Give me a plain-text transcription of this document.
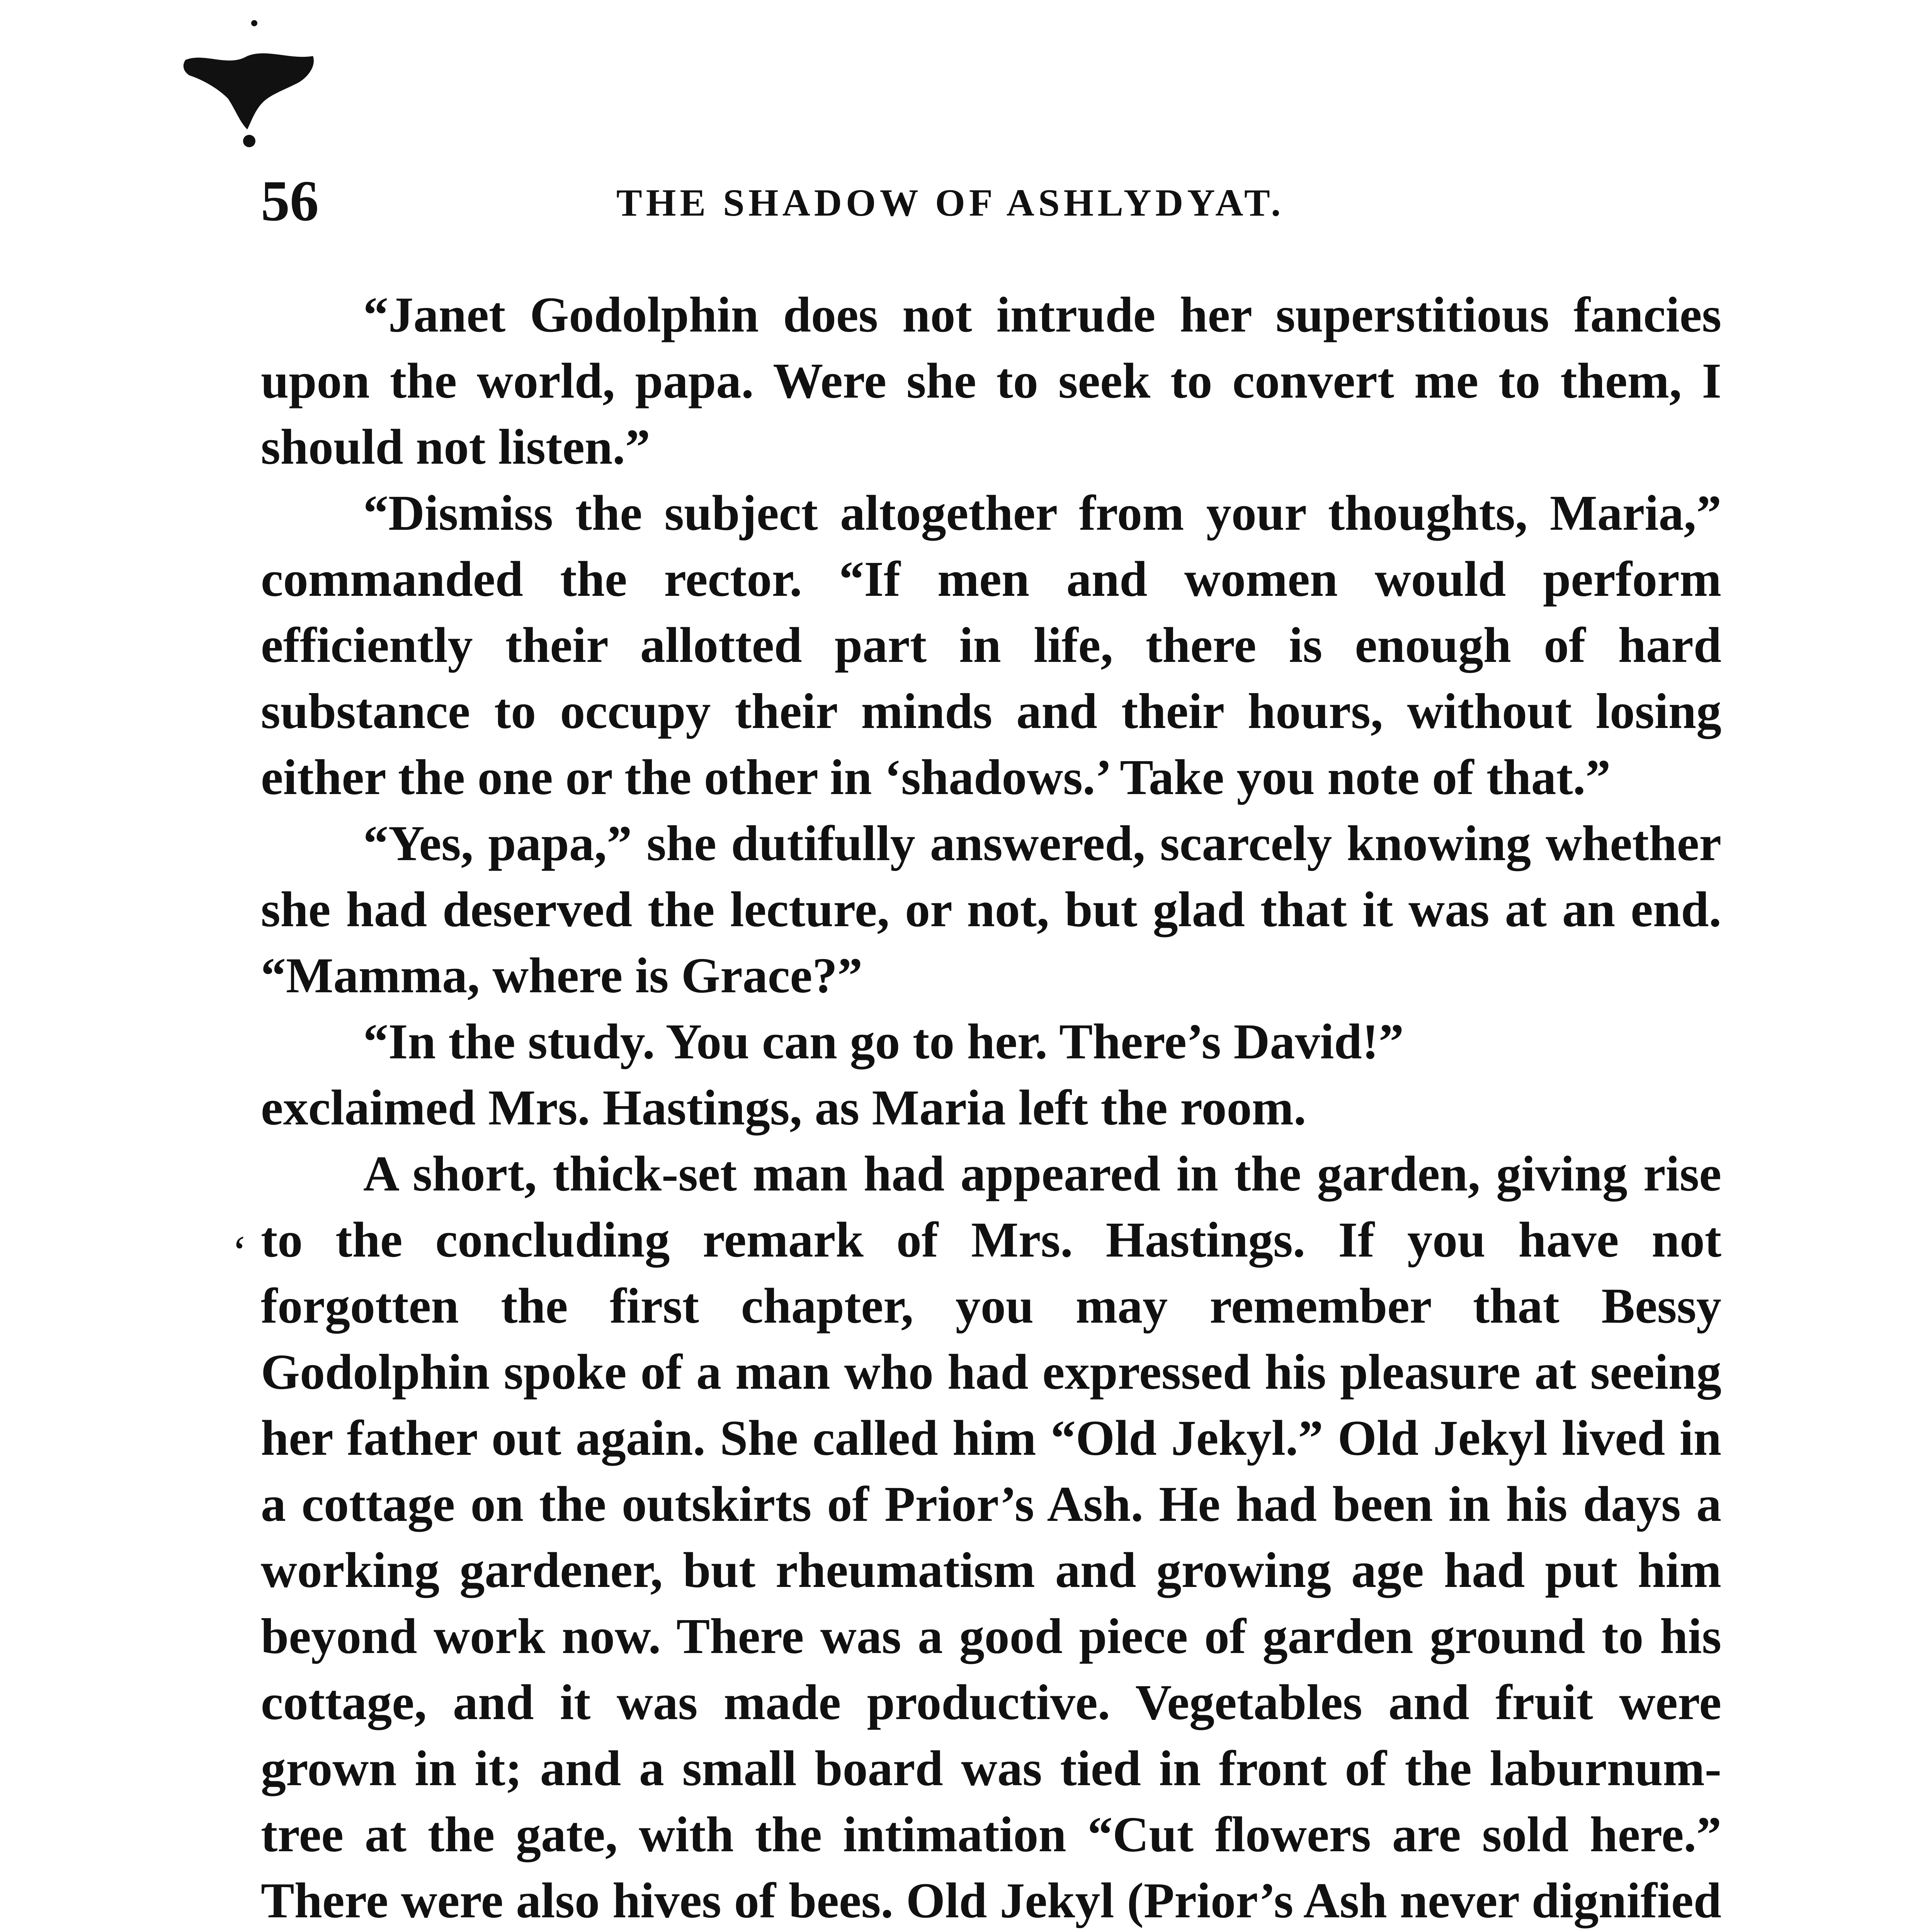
56	THE SHADOW OF ASHLYDYAT.
‘

“Janet Godolphin does not intrude her superstitious fancies upon the world, papa. Were she to seek to convert me to them, I should not listen.”

“Dismiss the subject altogether from your thoughts, Maria,” commanded the rector. “If men and women would perform efficiently their allotted part in life, there is enough of hard substance to occupy their minds and their hours, without losing either the one or the other in ‘shadows.’ Take you note of that.”

“Yes, papa,” she dutifully answered, scarcely knowing whether she had deserved the lecture, or not, but glad that it was at an end. “Mamma, where is Grace?”

“In the study. You can go to her. There’s David!”

exclaimed Mrs. Hastings, as Maria left the room.

A short, thick-set man had appeared in the garden, giving rise to the concluding remark of Mrs. Hastings. If you have not forgotten the first chapter, you may remember that Bessy Godolphin spoke of a man who had expressed his pleasure at seeing her father out again. She called him “Old Jekyl.” Old Jekyl lived in a cottage on the outskirts of Prior’s Ash. He had been in his days a working gardener, but rheumatism and growing age had put him beyond work now. There was a good piece of garden ground to his cottage, and it was made productive. Vegetables and fruit were grown in it; and a small board was tied in front of the laburnum-tree at the gate, with the intimation “Cut flowers are sold here.” There were also hives of bees. Old Jekyl (Prior’s Ash never dignified
